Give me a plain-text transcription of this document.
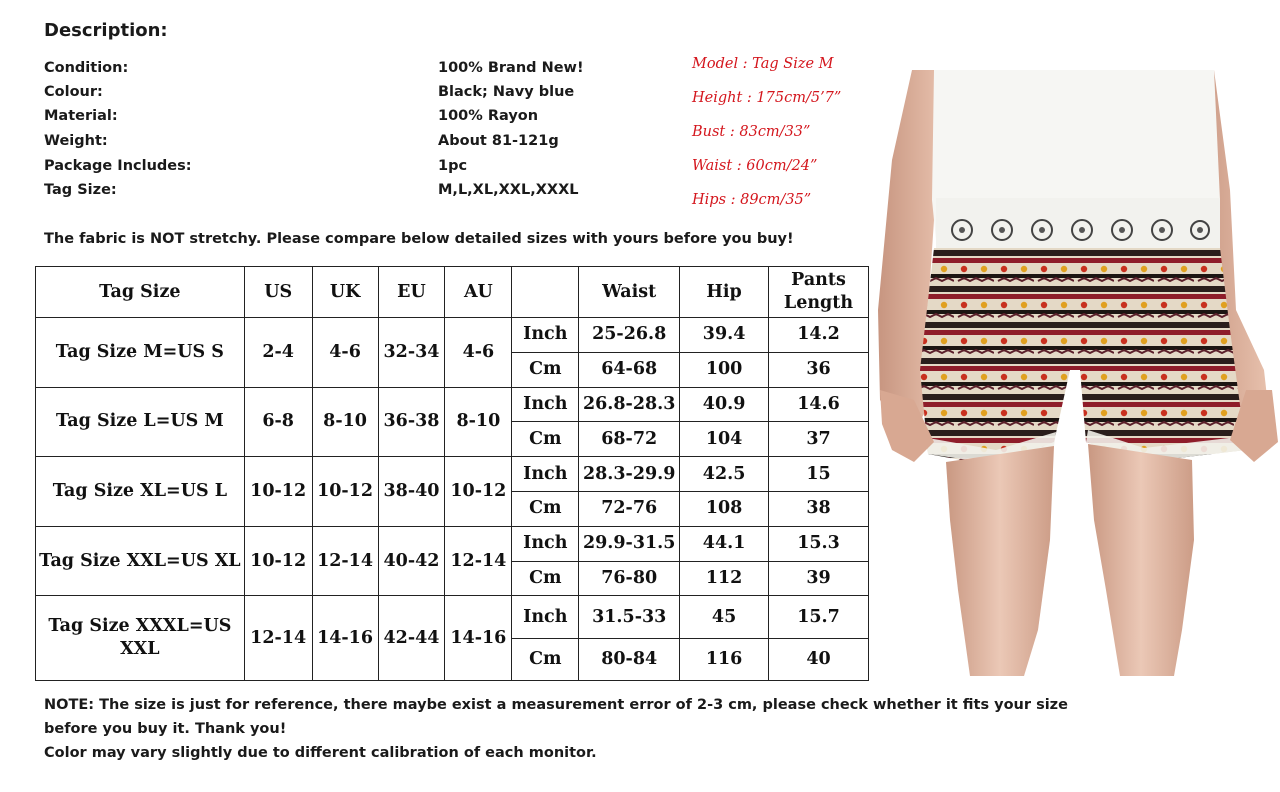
Description:
Condition:	100% Brand New!
Colour:	Black; Navy blue
Material:	100% Rayon
Weight:	About 81-121g
Package Includes:	1pc
Tag Size:	M,L,XL,XXL,XXXL
Model : Tag Size M
Height : 175cm/5’7”
Bust : 83cm/33”
Waist : 60cm/24”
Hips : 89cm/35”
The fabric is NOT stretchy. Please compare below detailed sizes with yours before you buy!
Tag Size	US	UK	EU	AU		Waist	Hip	Pants Length
Tag Size M=US S	2-4	4-6	32-34	4-6	Inch	25-26.8	39.4	14.2
					Cm	64-68	100	36
Tag Size L=US M	6-8	8-10	36-38	8-10	Inch	26.8-28.3	40.9	14.6
					Cm	68-72	104	37
Tag Size XL=US L	10-12	10-12	38-40	10-12	Inch	28.3-29.9	42.5	15
					Cm	72-76	108	38
Tag Size XXL=US XL	10-12	12-14	40-42	12-14	Inch	29.9-31.5	44.1	15.3
					Cm	76-80	112	39
Tag Size XXXL=US XXL	12-14	14-16	42-44	14-16	Inch	31.5-33	45	15.7
					Cm	80-84	116	40
NOTE: The size is just for reference, there maybe exist a measurement error of 2-3 cm, please check whether it fits your size
before you buy it. Thank you!
Color may vary slightly due to different calibration of each monitor.
